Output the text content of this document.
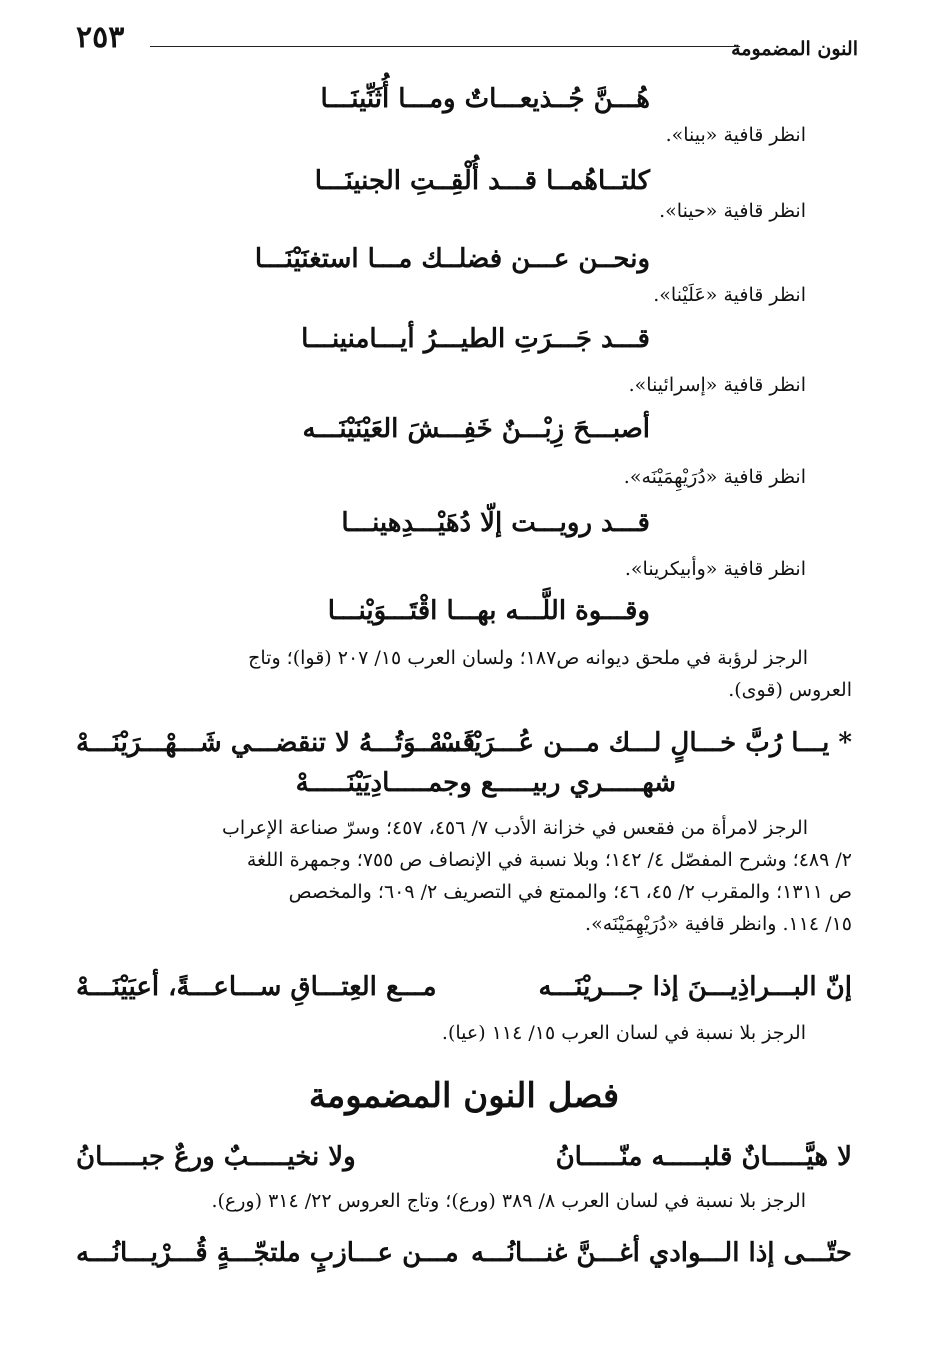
النون المضمومة
٢٥٣
هُـــنَّ جُــذيعـــاتٌ ومـــا أُثَنِّينَـــا
انظر قافية «بينا».
كلتــاهُمــا قـــد أُلْقِــتِ الجنينَـــا
انظر قافية «حينا».
ونحــن عـــن فضلــك مـــا استغنَيْنَـــا
انظر قافية «عَلَيْنا».
قـــد جَـــرَتِ الطيـــرُ أيـــامنينـــا
انظر قافية «إسرائينا».
أصبـــحَ زِبْـــنٌ خَفِـــشَ العَيْنَيْنَـــه
انظر قافية «دُرَيْهِمَيْنَه».
قـــد رويـــت إلّا دُهَيْـــدِهينـــا
انظر قافية «وأبيكرينا».
وقـــوة اللَّـــه بهـــا اقْتَـــوَيْنـــا
الرجز لرؤبة في ملحق ديوانه ص١٨٧؛ ولسان العرب ١٥/ ٢٠٧ (قوا)؛ وتاج
العروس (قوى).
* يـــا رُبَّ خـــالٍ لـــك مـــن عُـــرَيْنَـــهْ
فَسْـــوَتُـــهُ لا تنقضـــي شَـــهْـــرَيْنَـــهْ
شهـــــري ربيـــــع وجمـــــادِيَيْنَـــــهْ
الرجز لامرأة من فقعس في خزانة الأدب ٧/ ٤٥٦، ٤٥٧؛ وسرّ صناعة الإعراب
٢/ ٤٨٩؛ وشرح المفصّل ٤/ ١٤٢؛ وبلا نسبة في الإنصاف ص ٧٥٥؛ وجمهرة اللغة
ص ١٣١١؛ والمقرب ٢/ ٤٥، ٤٦؛ والممتع في التصريف ٢/ ٦٠٩؛ والمخصص
١٥/ ١١٤. وانظر قافية «دُرَيْهِمَيْنَه».
إنّ البـــراذِيـــنَ إذا جـــريْنَـــه
مـــع العِتـــاقِ ســـاعـــةً، أعيَيْنَـــهْ
الرجز بلا نسبة في لسان العرب ١٥/ ١١٤ (عيا).
فصل النون المضمومة
لا هيَّـــــانٌ قلبـــــه منّـــــانُ
ولا نخيـــــبٌ ورعٌ جبـــــانُ
الرجز بلا نسبة في لسان العرب ٨/ ٣٨٩ (ورع)؛ وتاج العروس ٢٢/ ٣١٤ (ورع).
حتّـــى إذا الـــوادي أغـــنَّ غنـــانُـــه
مـــن عـــازبٍ ملتجّـــةٍ قُـــرْيـــانُـــه
